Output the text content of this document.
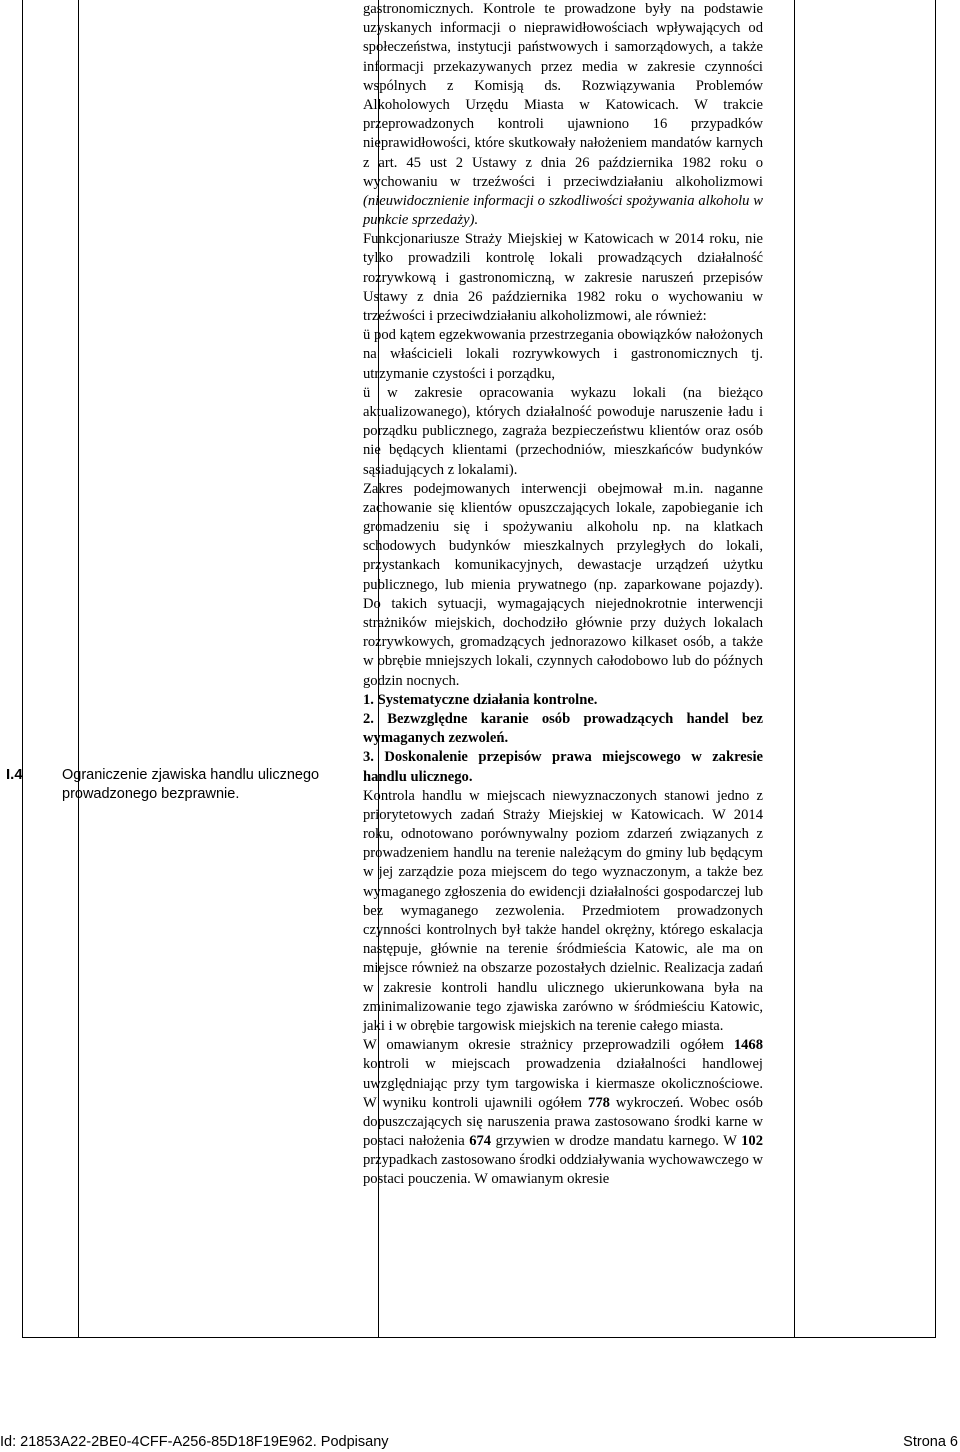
I.4	Ograniczenie zjawiska handlu ulicznego prowadzonego bezprawnie.

gastronomicznych. Kontrole te prowadzone były na podstawie uzyskanych informacji o nieprawidłowościach wpływających od społeczeństwa, instytucji państwowych i samorządowych, a także informacji przekazywanych przez media w zakresie czynności wspólnych z Komisją ds. Rozwiązywania Problemów Alkoholowych Urzędu Miasta w Katowicach. W trakcie przeprowadzonych kontroli ujawniono 16 przypadków nieprawidłowości, które skutkowały nałożeniem mandatów karnych z art. 45 ust 2 Ustawy z dnia 26 października 1982 roku o wychowaniu w trzeźwości i przeciwdziałaniu alkoholizmowi (nieuwidocznienie informacji o szkodliwości spożywania alkoholu w punkcie sprzedaży).

Funkcjonariusze Straży Miejskiej w Katowicach w 2014 roku, nie tylko prowadzili kontrolę lokali prowadzących działalność rozrywkową i gastronomiczną, w zakresie naruszeń przepisów Ustawy z dnia 26 października 1982 roku o wychowaniu w trzeźwości i przeciwdziałaniu alkoholizmowi, ale również:

ü pod kątem egzekwowania przestrzegania obowiązków nałożonych na właścicieli lokali rozrywkowych i gastronomicznych tj. utrzymanie czystości i porządku,

ü w zakresie opracowania wykazu lokali (na bieżąco aktualizowanego), których działalność powoduje naruszenie ładu i porządku publicznego, zagraża bezpieczeństwu klientów oraz osób nie będących klientami (przechodniów, mieszkańców budynków sąsiadujących z lokalami).

Zakres podejmowanych interwencji obejmował m.in. naganne zachowanie się klientów opuszczających lokale, zapobieganie ich gromadzeniu się i spożywaniu alkoholu np. na klatkach schodowych budynków mieszkalnych przyległych do lokali, przystankach komunikacyjnych, dewastacje urządzeń użytku publicznego, lub mienia prywatnego (np. zaparkowane pojazdy). Do takich sytuacji, wymagających niejednokrotnie interwencji strażników miejskich, dochodziło głównie przy dużych lokalach rozrywkowych, gromadzących jednorazowo kilkaset osób, a także w obrębie mniejszych lokali, czynnych całodobowo lub do późnych godzin nocnych.

1. Systematyczne działania kontrolne.

2. Bezwzględne karanie osób prowadzących handel bez wymaganych zezwoleń.

3. Doskonalenie przepisów prawa miejscowego w zakresie handlu ulicznego.

Kontrola handlu w miejscach niewyznaczonych stanowi jedno z priorytetowych zadań Straży Miejskiej w Katowicach. W 2014 roku, odnotowano porównywalny poziom zdarzeń związanych z prowadzeniem handlu na terenie należącym do gminy lub będącym w jej zarządzie poza miejscem do tego wyznaczonym, a także bez wymaganego zgłoszenia do ewidencji działalności gospodarczej lub bez wymaganego zezwolenia. Przedmiotem prowadzonych czynności kontrolnych był także handel okrężny, którego eskalacja następuje, głównie na terenie śródmieścia Katowic, ale ma on miejsce również na obszarze pozostałych dzielnic. Realizacja zadań w zakresie kontroli handlu ulicznego ukierunkowana była na zminimalizowanie tego zjawiska zarówno w śródmieściu Katowic, jaki i w obrębie targowisk miejskich na terenie całego miasta.

W omawianym okresie strażnicy przeprowadzili ogółem 1468 kontroli w miejscach prowadzenia działalności handlowej uwzględniając przy tym targowiska i kiermasze okolicznościowe. W wyniku kontroli ujawnili ogółem 778 wykroczeń. Wobec osób dopuszczających się naruszenia prawa zastosowano środki karne w postaci nałożenia 674 grzywien w drodze mandatu karnego. W 102 przypadkach zastosowano środki oddziaływania wychowawczego w postaci pouczenia. W omawianym okresie

Id: 21853A22-2BE0-4CFF-A256-85D18F19E962. Podpisany	Strona 6
